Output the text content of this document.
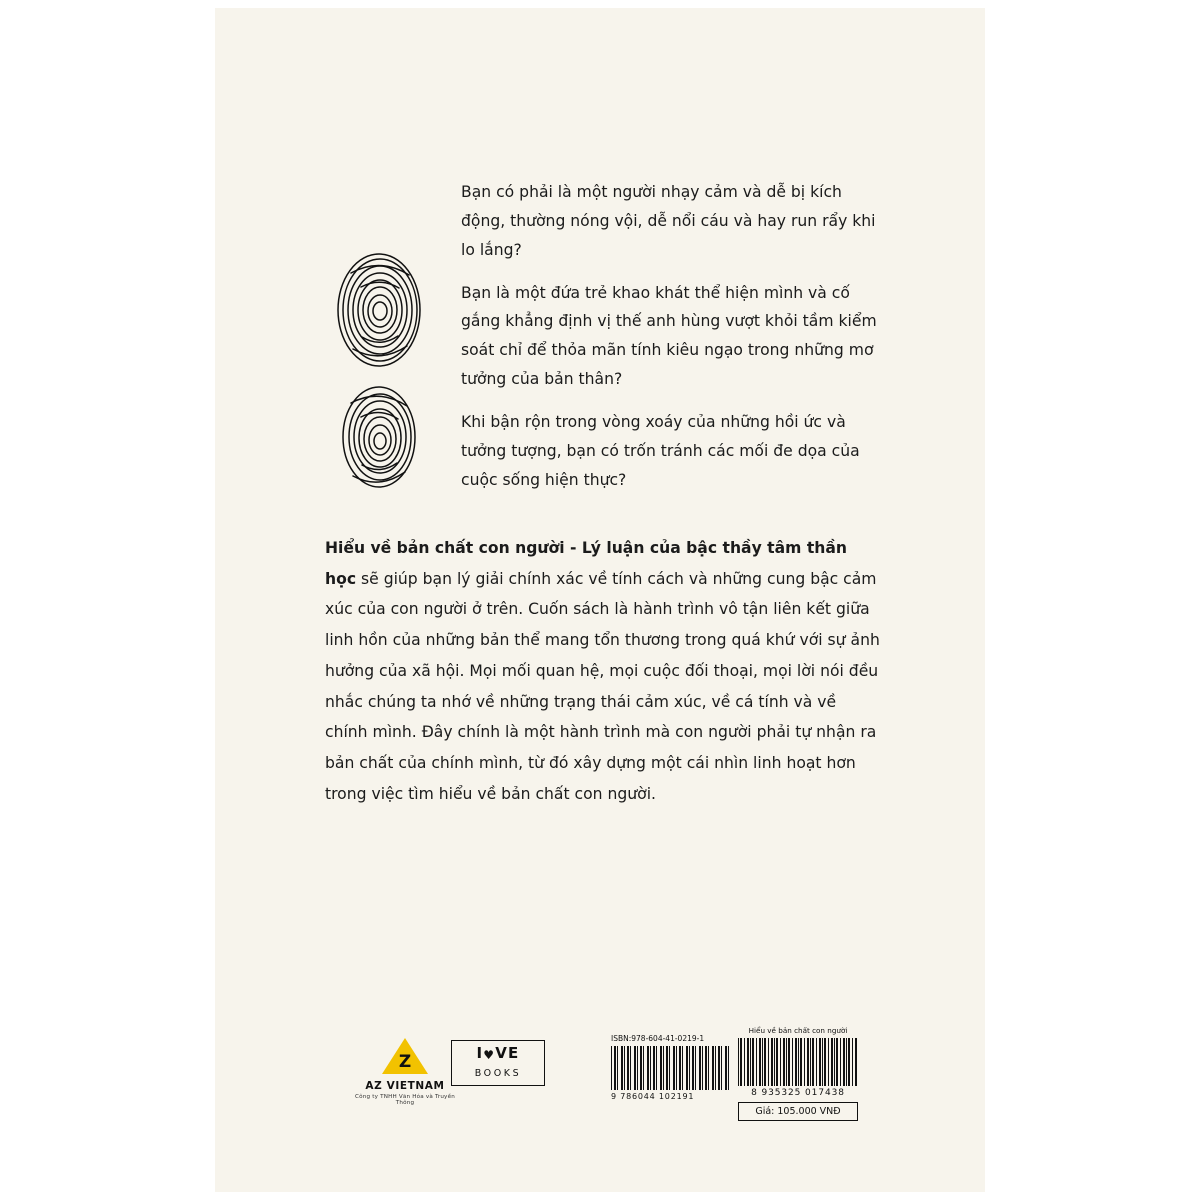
Bạn có phải là một người nhạy cảm và dễ bị kích động, thường nóng vội, dễ nổi cáu và hay run rẩy khi lo lắng?

Bạn là một đứa trẻ khao khát thể hiện mình và cố gắng khẳng định vị thế anh hùng vượt khỏi tầm kiểm soát chỉ để thỏa mãn tính kiêu ngạo trong những mơ tưởng của bản thân?

Khi bận rộn trong vòng xoáy của những hồi ức và tưởng tượng, bạn có trốn tránh các mối đe dọa của cuộc sống hiện thực?

Hiểu về bản chất con người - Lý luận của bậc thầy tâm thần học sẽ giúp bạn lý giải chính xác về tính cách và những cung bậc cảm xúc của con người ở trên. Cuốn sách là hành trình vô tận liên kết giữa linh hồn của những bản thể mang tổn thương trong quá khứ với sự ảnh hưởng của xã hội. Mọi mối quan hệ, mọi cuộc đối thoại, mọi lời nói đều nhắc chúng ta nhớ về những trạng thái cảm xúc, về cá tính và về chính mình. Đây chính là một hành trình mà con người phải tự nhận ra bản chất của chính mình, từ đó xây dựng một cái nhìn linh hoạt hơn trong việc tìm hiểu về bản chất con người.

Z
AZ VIETNAM
Công ty TNHH Văn Hóa và Truyền Thông
I♥VE
BOOKS
ISBN:978-604-41-0219-1
9 786044 102191
Hiểu về bản chất con người
8 935325 017438
Giá: 105.000 VNĐ
